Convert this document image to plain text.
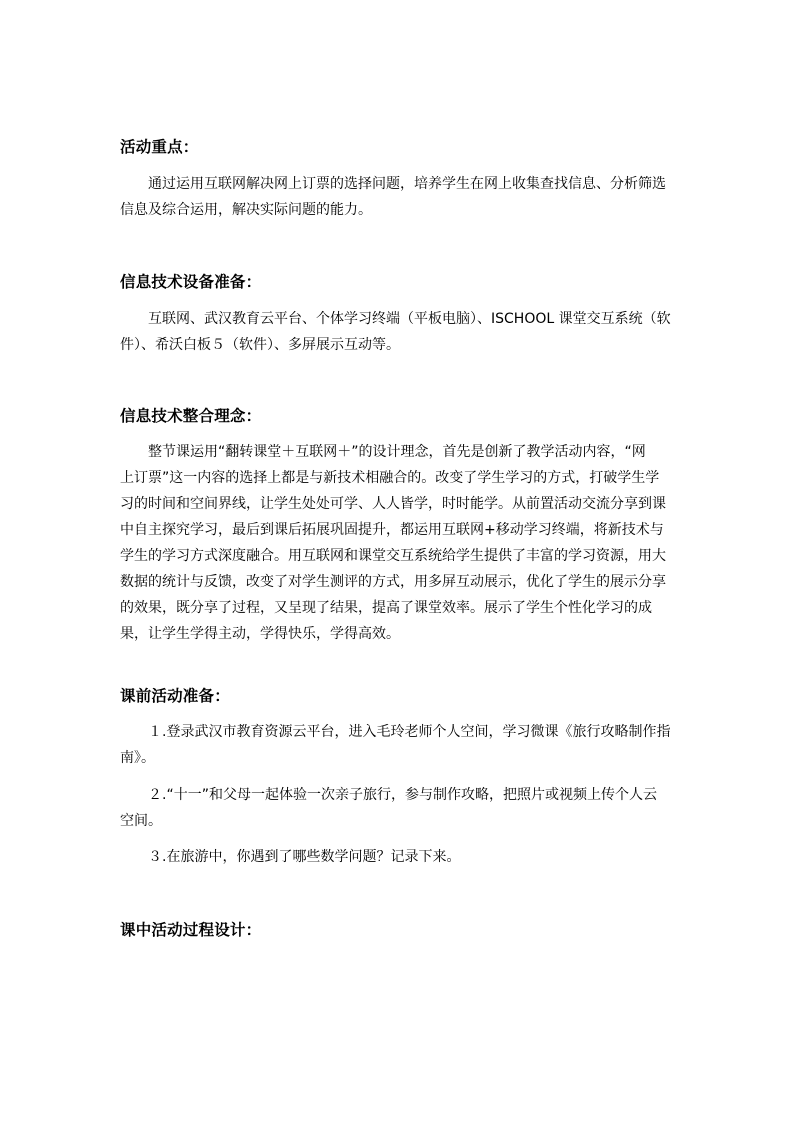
活动重点：
通过运用互联网解决网上订票的选择问题，培养学生在网上收集查找信息、分析筛选
信息及综合运用，解决实际问题的能力。
信息技术设备准备：
互联网、武汉教育云平台、个体学习终端（平板电脑）、ISCHOOL 课堂交互系统（软
件）、希沃白板５（软件）、多屏展示互动等。
信息技术整合理念：
整节课运用“翻转课堂＋互联网＋”的设计理念，首先是创新了教学活动内容，“网
上订票”这一内容的选择上都是与新技术相融合的。改变了学生学习的方式，打破学生学
习的时间和空间界线，让学生处处可学、人人皆学，时时能学。从前置活动交流分享到课
中自主探究学习，最后到课后拓展巩固提升，都运用互联网+移动学习终端，将新技术与
学生的学习方式深度融合。用互联网和课堂交互系统给学生提供了丰富的学习资源，用大
数据的统计与反馈，改变了对学生测评的方式，用多屏互动展示，优化了学生的展示分享
的效果，既分享了过程，又呈现了结果，提高了课堂效率。展示了学生个性化学习的成
果，让学生学得主动，学得快乐，学得高效。
课前活动准备：
１.登录武汉市教育资源云平台，进入毛玲老师个人空间，学习微课《旅行攻略制作指
南》。
２.“十一”和父母一起体验一次亲子旅行，参与制作攻略，把照片或视频上传个人云
空间。
３.在旅游中，你遇到了哪些数学问题？记录下来。
课中活动过程设计：
